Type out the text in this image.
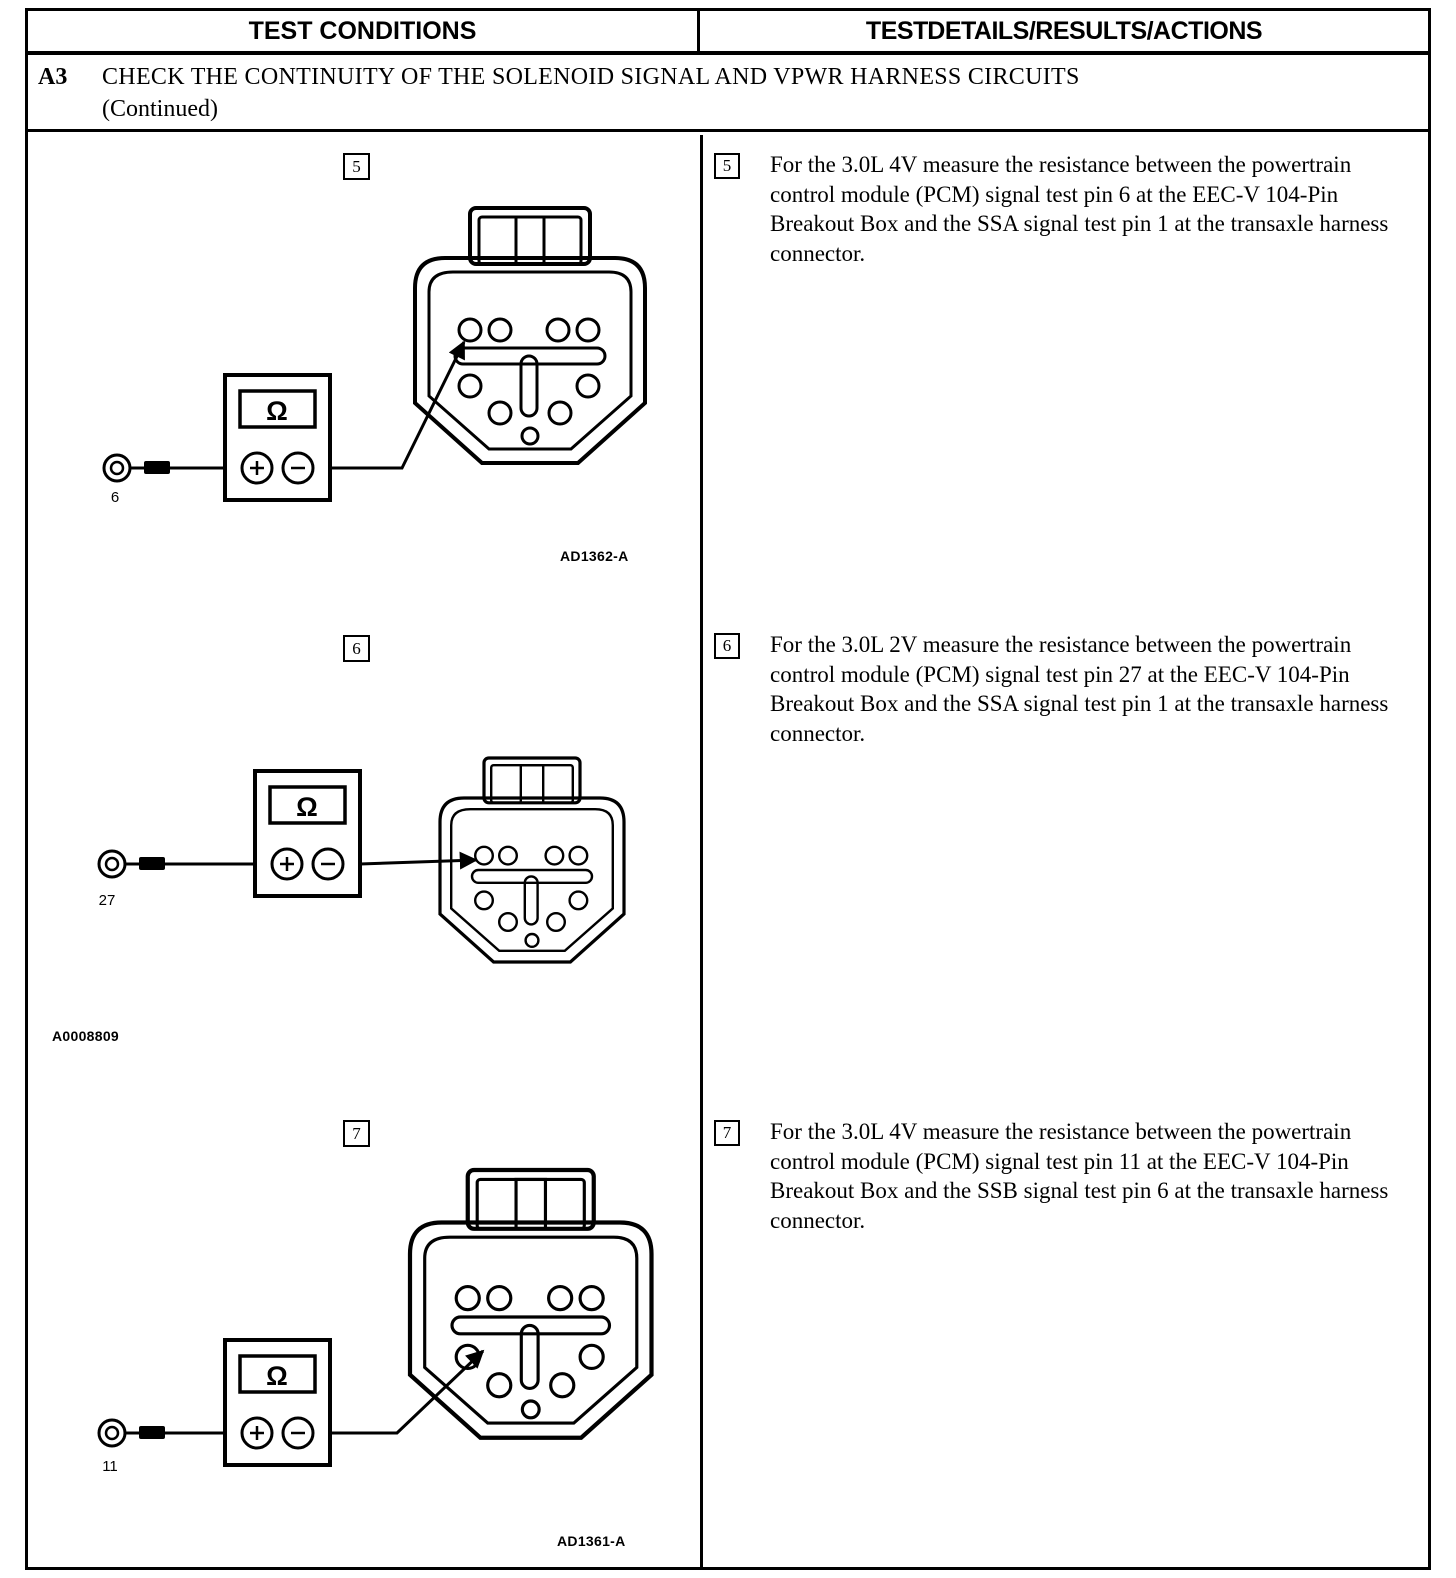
TEST CONDITIONS	TEST DETAILS/RESULTS/ACTIONS
A3 CHECK THE CONTINUITY OF THE SOLENOID SIGNAL AND VPWR HARNESS CIRCUITS
(Continued)
5
Ω
6
AD1362-A
6
Ω
27
A0008809
7
Ω
11
AD1361-A
5 For the 3.0L 4V measure the resistance between the powertrain control module (PCM) signal test pin 6 at the EEC-V 104-Pin Breakout Box and the SSA signal test pin 1 at the transaxle harness connector.
6 For the 3.0L 2V measure the resistance between the powertrain control module (PCM) signal test pin 27 at the EEC-V 104-Pin Breakout Box and the SSA signal test pin 1 at the transaxle harness connector.
7 For the 3.0L 4V measure the resistance between the powertrain control module (PCM) signal test pin 11 at the EEC-V 104-Pin Breakout Box and the SSB signal test pin 6 at the transaxle harness connector.
